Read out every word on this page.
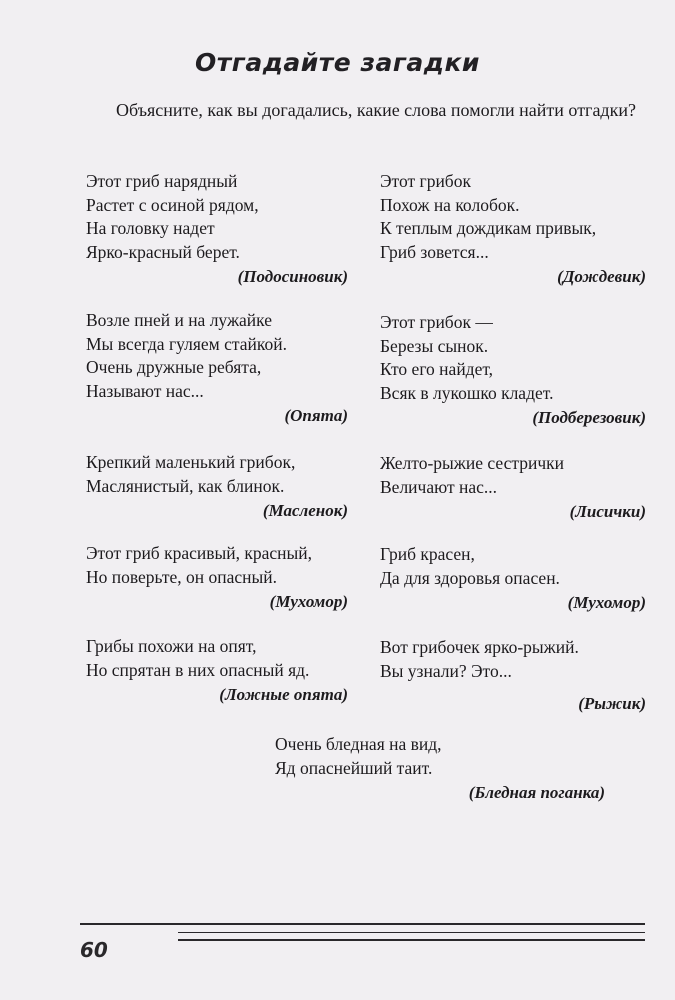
Отгадайте загадки

Объясните, как вы догадались, какие слова помогли найти отгадки?

Этот гриб нарядный
Растет с осиной рядом,
На головку надет
Ярко-красный берет.
(Подосиновик)
Этот грибок
Похож на колобок.
К теплым дождикам привык,
Гриб зовется...
(Дождевик)
Возле пней и на лужайке
Мы всегда гуляем стайкой.
Очень дружные ребята,
Называют нас...
(Опята)
Этот грибок —
Березы сынок.
Кто его найдет,
Всяк в лукошко кладет.
(Подберезовик)
Крепкий маленький грибок,
Маслянистый, как блинок.
(Масленок)
Желто-рыжие сестрички
Величают нас...
(Лисички)
Этот гриб красивый, красный,
Но поверьте, он опасный.
(Мухомор)
Гриб красен,
Да для здоровья опасен.
(Мухомор)
Грибы похожи на опят,
Но спрятан в них опасный яд.
(Ложные опята)
Вот грибочек ярко-рыжий.
Вы узнали? Это...
(Рыжик)
Очень бледная на вид,
Яд опаснейший таит.
(Бледная поганка)
60
